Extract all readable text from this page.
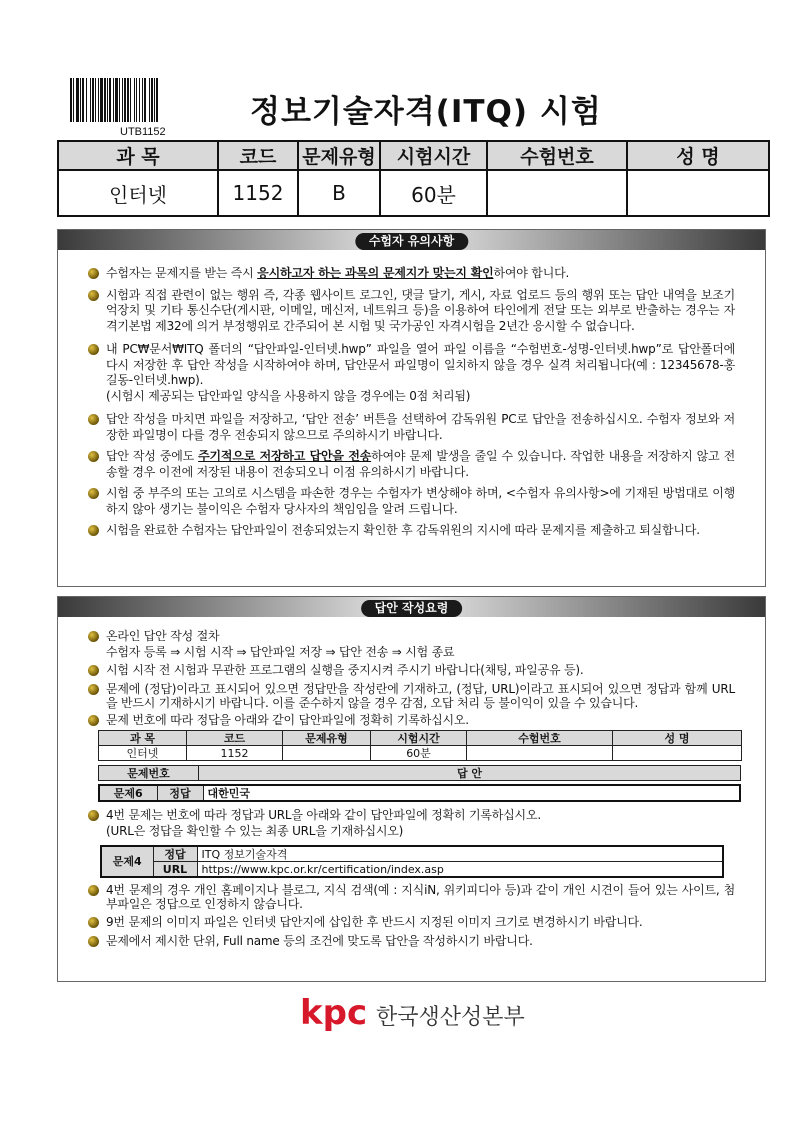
UTB1152
정보기술자격(ITQ) 시험
과 목	코드	문제유형	시험시간	수험번호	성 명
인터넷	1152	B	60분		
수험자 유의사항
수험자는 문제지를 받는 즉시 응시하고자 하는 과목의 문제지가 맞는지 확인하여야 합니다.
시험과 직접 관련이 없는 행위 즉, 각종 웹사이트 로그인, 댓글 달기, 게시, 자료 업로드 등의 행위 또는 답안 내역을 보조기억장치 및 기타 통신수단(게시판, 이메일, 메신저, 네트워크 등)을 이용하여 타인에게 전달 또는 외부로 반출하는 경우는 자격기본법 제32에 의거 부정행위로 간주되어 본 시험 및 국가공인 자격시험을 2년간 응시할 수 없습니다.
내 PC₩문서₩ITQ 폴더의 “답안파일-인터넷.hwp” 파일을 열어 파일 이름을 “수험번호-성명-인터넷.hwp”로 답안폴더에 다시 저장한 후 답안 작성을 시작하여야 하며, 답안문서 파일명이 일치하지 않을 경우 실격 처리됩니다(예 : 12345678-홍길동-인터넷.hwp).
(시험시 제공되는 답안파일 양식을 사용하지 않을 경우에는 0점 처리됨)
답안 작성을 마치면 파일을 저장하고, ‘답안 전송’ 버튼을 선택하여 감독위원 PC로 답안을 전송하십시오. 수험자 정보와 저장한 파일명이 다를 경우 전송되지 않으므로 주의하시기 바랍니다.
답안 작성 중에도 주기적으로 저장하고 답안을 전송하여야 문제 발생을 줄일 수 있습니다. 작업한 내용을 저장하지 않고 전송할 경우 이전에 저장된 내용이 전송되오니 이점 유의하시기 바랍니다.
시험 중 부주의 또는 고의로 시스템을 파손한 경우는 수험자가 변상해야 하며, <수험자 유의사항>에 기재된 방법대로 이행하지 않아 생기는 불이익은 수험자 당사자의 책임임을 알려 드립니다.
시험을 완료한 수험자는 답안파일이 전송되었는지 확인한 후 감독위원의 지시에 따라 문제지를 제출하고 퇴실합니다.
답안 작성요령
온라인 답안 작성 절차
수험자 등록 ⇒ 시험 시작 ⇒ 답안파일 저장 ⇒ 답안 전송 ⇒ 시험 종료
시험 시작 전 시험과 무관한 프로그램의 실행을 중지시켜 주시기 바랍니다(채팅, 파일공유 등).
문제에 (정답)이라고 표시되어 있으면 정답만을 작성란에 기재하고, (정답, URL)이라고 표시되어 있으면 정답과 함께 URL을 반드시 기재하시기 바랍니다. 이를 준수하지 않을 경우 감점, 오답 처리 등 불이익이 있을 수 있습니다.
문제 번호에 따라 정답을 아래와 같이 답안파일에 정확히 기록하십시오.
과 목	코드	문제유형	시험시간	수험번호	성 명
인터넷	1152		60분		
문제번호	답 안
문제6	정답	대한민국
4번 문제는 번호에 따라 정답과 URL을 아래와 같이 답안파일에 정확히 기록하십시오.
(URL은 정답을 확인할 수 있는 최종 URL을 기재하십시오)
문제4	정답	ITQ 정보기술자격
	URL	https://www.kpc.or.kr/certification/index.asp
4번 문제의 경우 개인 홈페이지나 블로그, 지식 검색(예 : 지식iN, 위키피디아 등)과 같이 개인 시견이 들어 있는 사이트, 첨부파일은 정답으로 인정하지 않습니다.
9번 문제의 이미지 파일은 인터넷 답안지에 삽입한 후 반드시 지정된 이미지 크기로 변경하시기 바랍니다.
문제에서 제시한 단위, Full name 등의 조건에 맞도록 답안을 작성하시기 바랍니다.
kpc 한국생산성본부
